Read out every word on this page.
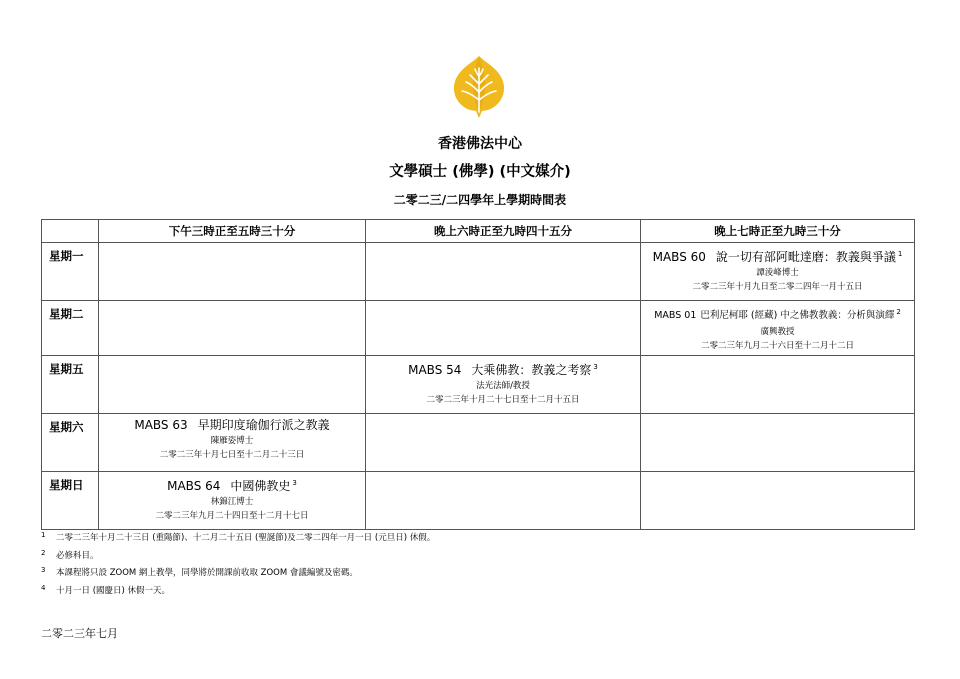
香港佛法中心
文學碩士 (佛學) (中文媒介)
二零二三/二四學年上學期時間表
	下午三時正至五時三十分	晚上六時正至九時四十五分	晚上七時正至九時三十分
星期一			MABS 60 說一切有部阿毗達磨：教義與爭議 $^1$
譚淩峰博士
二零二三年十月九日至二零二四年一月十五日

星期二			MABS 01 巴利尼柯耶 (經藏) 中之佛教教義：分析與演繹 $^2$
廣興教授
二零二三年九月二十六日至十二月十二日

星期五		MABS 54 大乘佛教：教義之考察 $^3$
法光法師/教授
二零二三年十月二十七日至十二月十五日	

星期六	MABS 63 早期印度瑜伽行派之教義
陳雁姿博士
二零二三年十月七日至十二月二十三日		

星期日	MABS 64 中國佛教史 $^3$
林錦江博士
二零二三年九月二十四日至十二月十七日		

1 二零二三年十月二十三日 (重陽節)、十二月二十五日 (聖誕節)及二零二四年一月一日 (元旦日) 休假。
2 必修科目。
3 本課程將只設 ZOOM 網上教學，同學將於開課前收取 ZOOM 會議編號及密碼。
4 十月一日 (國慶日) 休假一天。
二零二三年七月
